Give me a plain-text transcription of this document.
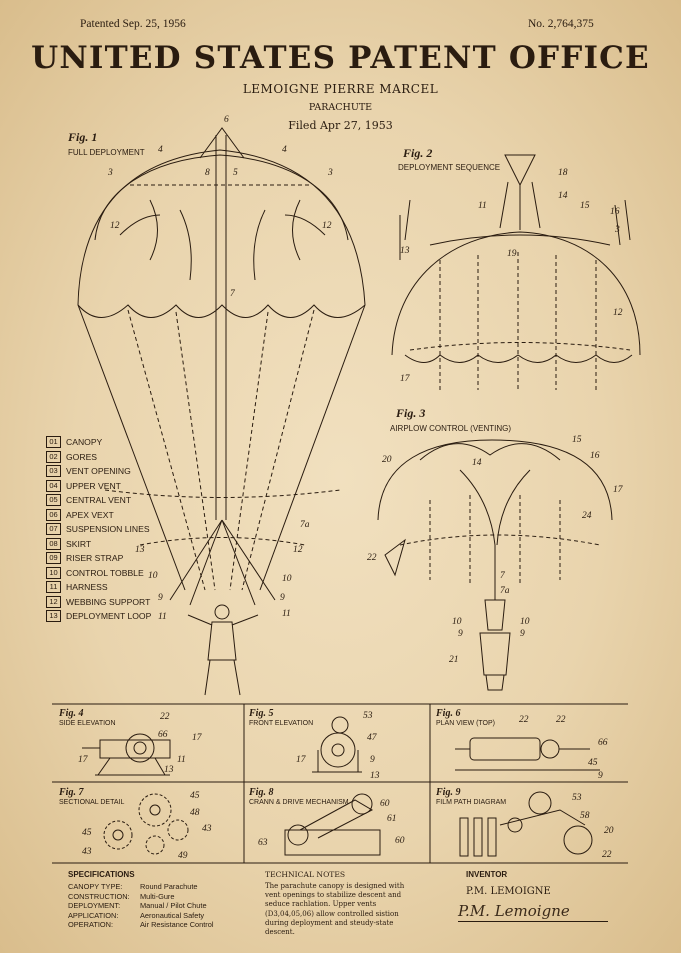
Patented Sep. 25, 1956	No. 2,764,375
UNITED STATES PATENT OFFICE
LEMOIGNE PIERRE MARCEL
PARACHUTE
Filed Apr 27, 1953
Fig. 1
FULL DEPLOYMENT	Fig. 2
DEPLOYMENT SEQUENCE
Fig. 3
AIRPLOW CONTROL (VENTING)
6
4	4
3	3
8 5
12	12
7
7a
13	12
10	10
9	9
11	11
18
14
11	15
16
3
13	19
12
17
15
20	14
16
17
24
22
7
7a
10	10
9	9
21
01 CANOPY
02 GORES
03 VENT OPENING
04 UPPER VENT
05 CENTRAL VENT
06 APEX VEXT
07 SUSPENSION LINES
08 SKIRT
09 RISER STRAP
10 CONTROL TOBBLE
11	HARNESS
12 WEBBING SUPPORT
13 DEPLOYMENT LOOP
22
66	17
17
13
11
53
47
17	9
13
22	22
66
45
9
45
48
43
45
43	49
60
61
60
63
53
58
20
22
Fig. 4
SIDE ELEVATION
Fig. 5
FRONT ELEVATION
Fig. 6
PLAN VIEW (TOP)
Fig. 7
SECTIONAL DETAIL
Fig. 8
CRANN & DRIVE MECHANISM
Fig. 9
FILM PATH DIAGRAM
SPECIFICATIONS
CANOPY TYPE:	Round Parachute
CONSTRUCTION:	Multi-Gure
DEPLOYMENT:	Manual / Pilot Chute
APPLICATION:	Aeronautical Safety
OPERATION:	Air Resistance Control
TECHNICAL NOTES
The parachute canopy is designed with vent openings to stabilize descent and seduce rachlation. Upper vents (D3,04,05,06) allow controlled sistion during deployment and steudy-state descent.
INVENTOR
P.M. LEMOIGNE
P.M. Lemoigne
